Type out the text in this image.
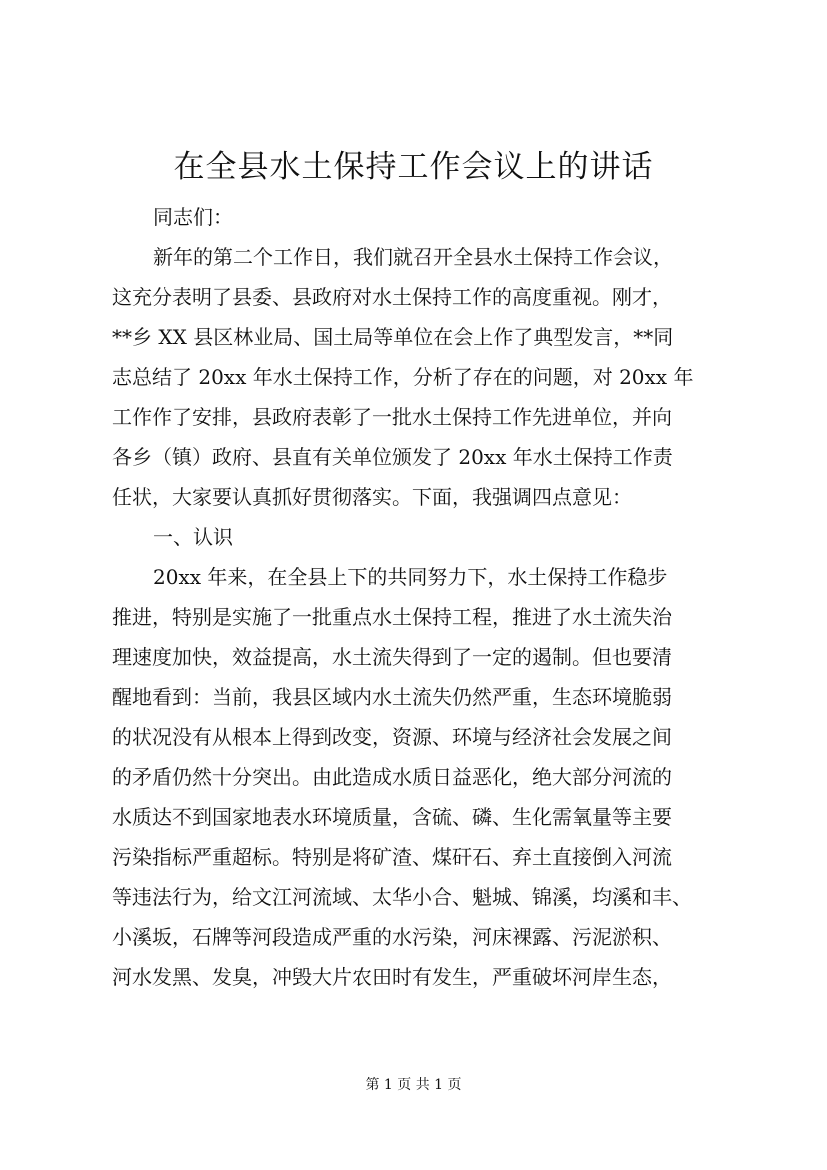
在全县水土保持工作会议上的讲话
同志们：
新年的第二个工作日，我们就召开全县水土保持工作会议，
这充分表明了县委、县政府对水土保持工作的高度重视。刚才，
**乡 XX 县区林业局、国土局等单位在会上作了典型发言，**同
志总结了 20xx 年水土保持工作，分析了存在的问题，对 20xx 年
工作作了安排，县政府表彰了一批水土保持工作先进单位，并向
各乡（镇）政府、县直有关单位颁发了 20xx 年水土保持工作责
任状，大家要认真抓好贯彻落实。下面，我强调四点意见：
一、认识
20xx 年来，在全县上下的共同努力下，水土保持工作稳步
推进，特别是实施了一批重点水土保持工程，推进了水土流失治
理速度加快，效益提高，水土流失得到了一定的遏制。但也要清
醒地看到：当前，我县区域内水土流失仍然严重，生态环境脆弱
的状况没有从根本上得到改变，资源、环境与经济社会发展之间
的矛盾仍然十分突出。由此造成水质日益恶化，绝大部分河流的
水质达不到国家地表水环境质量，含硫、磷、生化需氧量等主要
污染指标严重超标。特别是将矿渣、煤矸石、弃土直接倒入河流
等违法行为，给文江河流域、太华小合、魁城、锦溪，均溪和丰、
小溪坂，石牌等河段造成严重的水污染，河床裸露、污泥淤积、
河水发黑、发臭，冲毁大片农田时有发生，严重破坏河岸生态，
第 1 页 共 1 页
